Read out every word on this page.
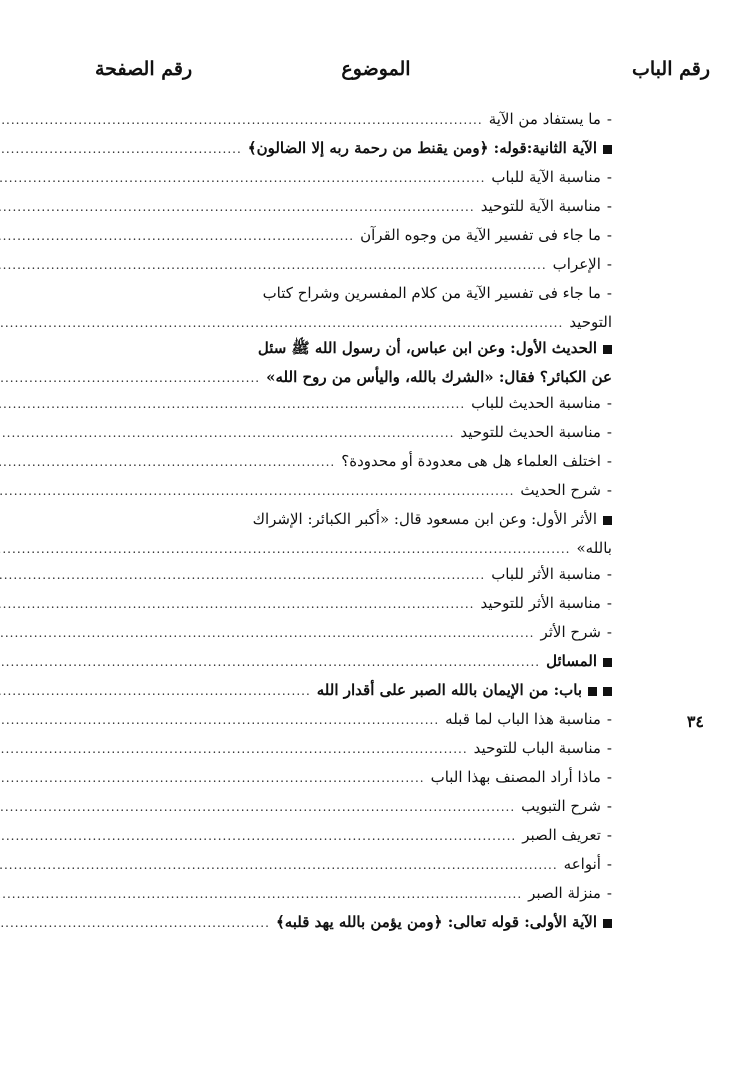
رقم الباب
الموضوع
رقم الصفحة
٣٤
-ما يستفاد من الآية
.....
الآية الثانية:قوله: ﴿ومن يقنط من رحمة ربه إلا الضالون﴾
.....
-مناسبة الآية للباب
.....
-مناسبة الآية للتوحيد
.....
-ما جاء فى تفسير الآية من وجوه القرآن
.....
-الإعراب
.....
-ما جاء فى تفسير الآية من كلام المفسرين وشراح كتاب
التوحيد
.....
الحديث الأول: وعن ابن عباس، أن رسول الله ﷺ سئل
عن الكبائر؟ فقال: «الشرك بالله، واليأس من روح الله»
.....
-مناسبة الحديث للباب
.....
-مناسبة الحديث للتوحيد
.....
-اختلف العلماء هل هى معدودة أو محدودة؟
.....
-شرح الحديث
.....
الأثر الأول: وعن ابن مسعود قال: «أكبر الكبائر: الإشراك
بالله»
.....
-مناسبة الأثر للباب
.....
-مناسبة الأثر للتوحيد
.....
-شرح الأثر
.....
المسائل
.....
باب: من الإيمان بالله الصبر على أقدار الله
.....
-مناسبة هذا الباب لما قبله
.....
-مناسبة الباب للتوحيد
.....
-ماذا أراد المصنف بهذا الباب
.....
-شرح التبويب
.....
-تعريف الصبر
.....
-أنواعه
.....
-منزلة الصبر
.....
الآية الأولى: قوله تعالى: ﴿ومن يؤمن بالله يهد قلبه﴾
.....
